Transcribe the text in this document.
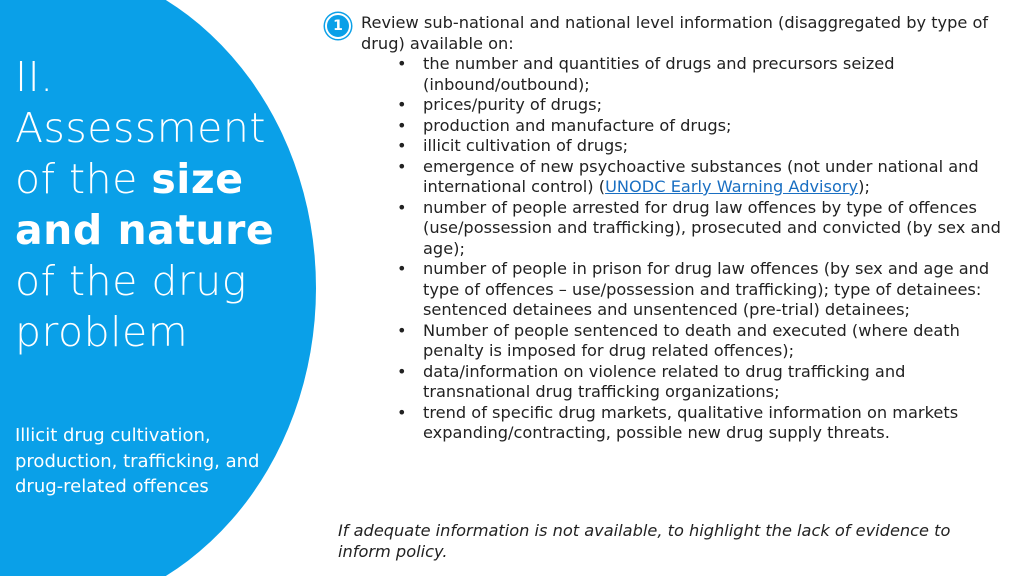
II.
Assessment
of the size
and nature
of the drug
problem

Illicit drug cultivation, production, trafficking, and drug-related offences

1	Review sub-national and national level information (disaggregated by type of drug) available on:

• the number and quantities of drugs and precursors seized (inbound/outbound);
• prices/purity of drugs;
• production and manufacture of drugs;
• illicit cultivation of drugs;
• emergence of new psychoactive substances (not under national and international control) (UNODC Early Warning Advisory);
• number of people arrested for drug law offences by type of offences (use/possession and trafficking), prosecuted and convicted (by sex and age);
• number of people in prison for drug law offences (by sex and age and type of offences – use/possession and trafficking); type of detainees: sentenced detainees and unsentenced (pre-trial) detainees;
• Number of people sentenced to death and executed (where death penalty is imposed for drug related offences);
• data/information on violence related to drug trafficking and transnational drug trafficking organizations;
• trend of specific drug markets, qualitative information on markets expanding/contracting, possible new drug supply threats.

If adequate information is not available, to highlight the lack of evidence to inform policy.
